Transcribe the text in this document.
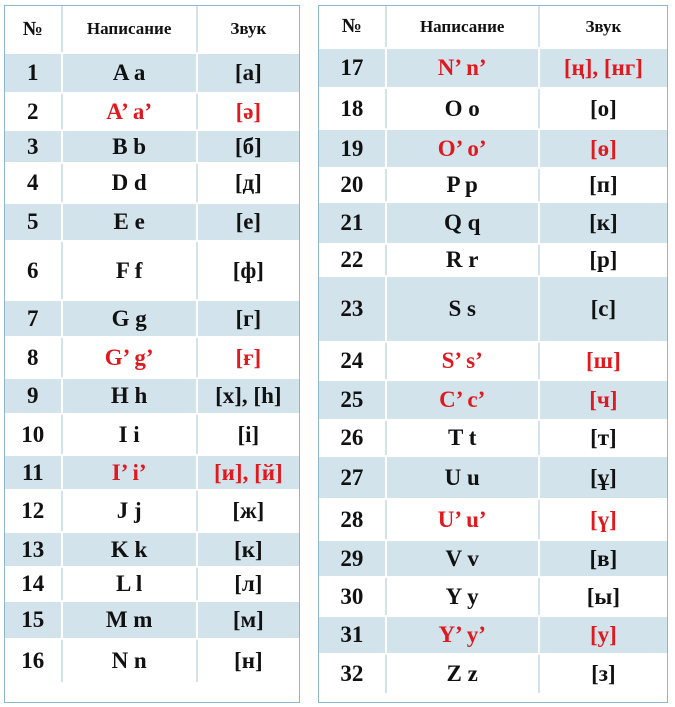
№	Написание	Звук
1	A a	[а]
2	A’ a’	[ә]
3	B b	[б]
4	D d	[д]
5	E e	[е]
6	F f	[ф]
7	G g	[г]
8	G’ g’	[ғ]
9	H h	[х], [h]
10	I i	[і]
11	I’ i’	[и], [й]
12	J j	[ж]
13	K k	[к]
14	L l	[л]
15	M m	[м]
16	N n	[н]
№	Написание	Звук
17	N’ n’	[ң], [нг]
18	O o	[о]
19	O’ o’	[ө]
20	P p	[п]
21	Q q	[к]
22	R r	[р]
23	S s	[с]
24	S’ s’	[ш]
25	C’ c’	[ч]
26	T t	[т]
27	U u	[ұ]
28	U’ u’	[ү]
29	V v	[в]
30	Y y	[ы]
31	Y’ y’	[у]
32	Z z	[з]
